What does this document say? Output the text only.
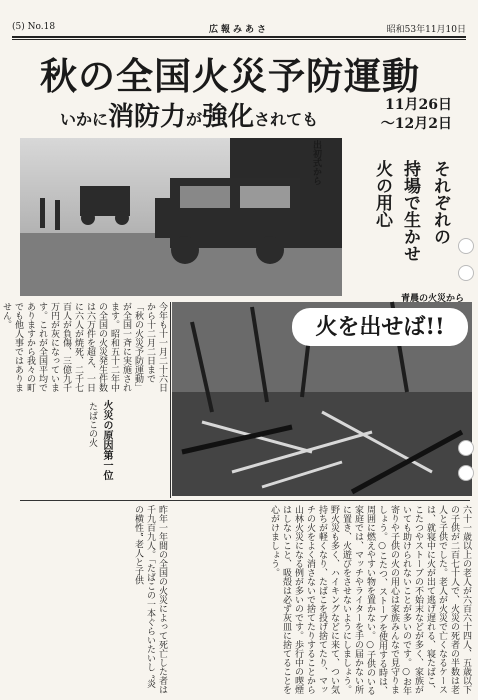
(5) No.18	広報みあさ	昭和53年11月10日
秋の全国火災予防運動
いかに消防力が強化されても
11月26日
〜12月2日
出初式から	それぞれの
持場で生かせ
火の用心
青晨の火災から
火を出せば!!
今年も十一月二十六日から十二月二日まで「秋の火災予防運動」が全国一斉に実施されます。昭和五十二年中の全国の火災発生件数は六万件を超え、一日に六人が焼死、二千七百人が負傷、三億九千万円が灰になっています。これが全国平均でありますから我々の町でも他人事ではありません。
火災の原因第一位
たばこの火
昨年一年間の全国の火災によって死亡した者は千九百九人。「たばこの一本ぐらいたいし “炎の横性” 老人と子供	六十一歳以上の老人が六百六十四人、五歳以下の子供が二百七十人で、火災の死者の半数は老人と子供でした。老人が火災で亡くなるケースは、就寝中に火が出て逃げ遅れる、寝たばこ、こたつやストーブの不始末などが多く、家族がいても助けられないことが多いのです。○お年寄りや子供の火の用心は家族みんなで見守りましょう。○こたつ、ストーブを使用する時は、周囲に燃えやすい物を置かない。○子供のいる家庭では、マッチやライターを手の届かない所に置き、火遊びをさせないようにしましょう。 野火災も多く、ハイキングなどに来て、つい気持ちが軽くなり、たばこを投げ捨てたり、マッチの火をよく消さないで捨てたりすることから山林火災になる例が多いのです。歩行中の喫煙はしないこと、吸殻は必ず灰皿に捨てることを心がけましょう。
